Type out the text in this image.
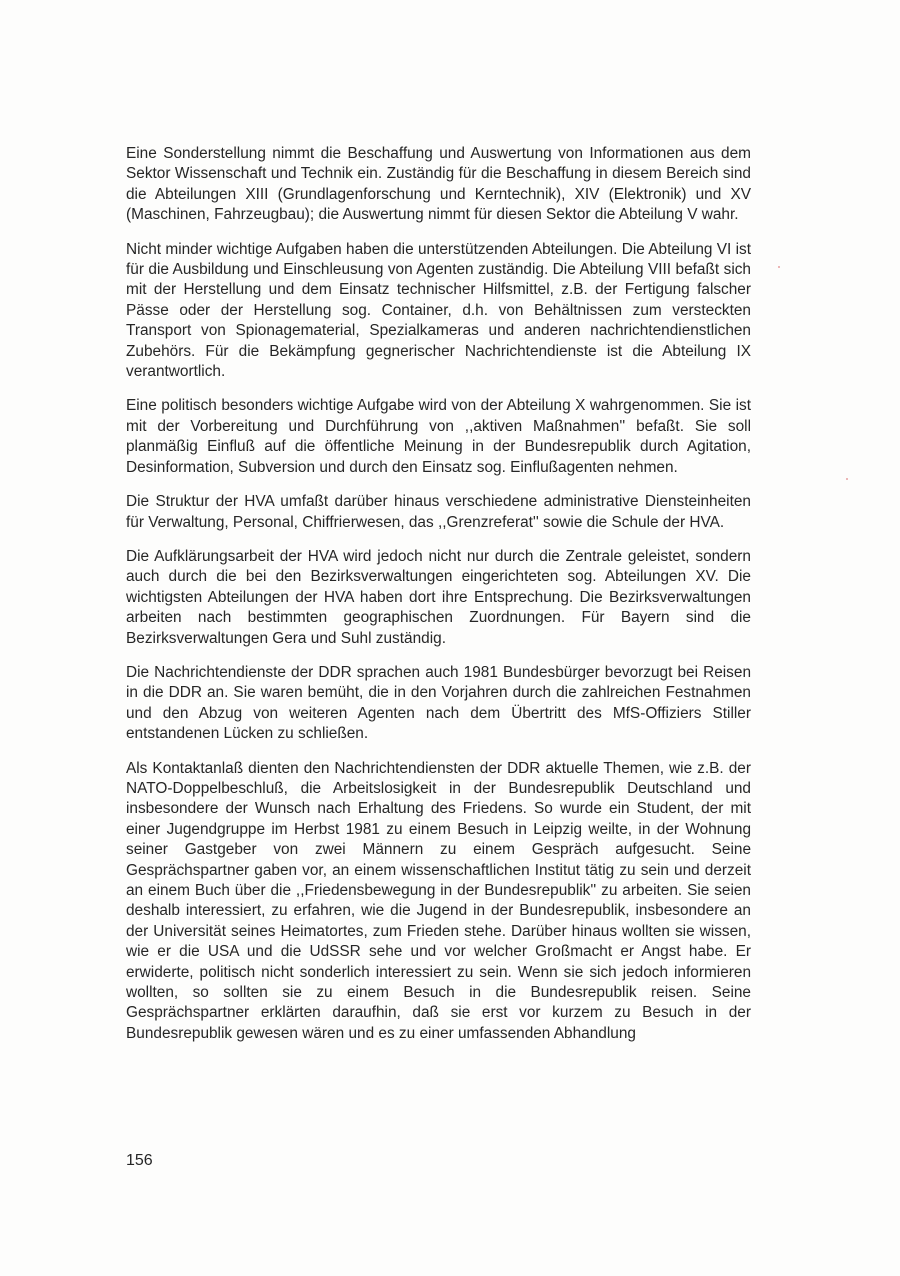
Eine Sonderstellung nimmt die Beschaffung und Auswertung von Informationen aus dem Sektor Wissenschaft und Technik ein. Zuständig für die Beschaffung in diesem Bereich sind die Abteilungen XIII (Grundlagenforschung und Kerntechnik), XIV (Elektronik) und XV (Maschinen, Fahrzeugbau); die Auswertung nimmt für diesen Sektor die Abteilung V wahr.

Nicht minder wichtige Aufgaben haben die unterstützenden Abteilungen. Die Abteilung VI ist für die Ausbildung und Einschleusung von Agenten zuständig. Die Abteilung VIII befaßt sich mit der Herstellung und dem Einsatz technischer Hilfsmittel, z.B. der Fertigung falscher Pässe oder der Herstellung sog. Container, d.h. von Behältnissen zum versteckten Transport von Spionagematerial, Spezialkameras und anderen nachrichtendienstlichen Zubehörs. Für die Bekämpfung gegnerischer Nachrichtendienste ist die Abteilung IX verantwortlich.

Eine politisch besonders wichtige Aufgabe wird von der Abteilung X wahrgenommen. Sie ist mit der Vorbereitung und Durchführung von ,,aktiven Maßnahmen'' befaßt. Sie soll planmäßig Einfluß auf die öffentliche Meinung in der Bundesrepublik durch Agitation, Desinformation, Subversion und durch den Einsatz sog. Einflußagenten nehmen.

Die Struktur der HVA umfaßt darüber hinaus verschiedene administrative Diensteinheiten für Verwaltung, Personal, Chiffrierwesen, das ,,Grenzreferat'' sowie die Schule der HVA.

Die Aufklärungsarbeit der HVA wird jedoch nicht nur durch die Zentrale geleistet, sondern auch durch die bei den Bezirksverwaltungen eingerichteten sog. Abteilungen XV. Die wichtigsten Abteilungen der HVA haben dort ihre Entsprechung. Die Bezirksverwaltungen arbeiten nach bestimmten geographischen Zuordnungen. Für Bayern sind die Bezirksverwaltungen Gera und Suhl zuständig.

Die Nachrichtendienste der DDR sprachen auch 1981 Bundesbürger bevorzugt bei Reisen in die DDR an. Sie waren bemüht, die in den Vorjahren durch die zahlreichen Festnahmen und den Abzug von weiteren Agenten nach dem Übertritt des MfS-Offiziers Stiller entstandenen Lücken zu schließen.

Als Kontaktanlaß dienten den Nachrichtendiensten der DDR aktuelle Themen, wie z.B. der NATO-Doppelbeschluß, die Arbeitslosigkeit in der Bundesrepublik Deutschland und insbesondere der Wunsch nach Erhaltung des Friedens. So wurde ein Student, der mit einer Jugendgruppe im Herbst 1981 zu einem Besuch in Leipzig weilte, in der Wohnung seiner Gastgeber von zwei Männern zu einem Gespräch aufgesucht. Seine Gesprächspartner gaben vor, an einem wissenschaftlichen Institut tätig zu sein und derzeit an einem Buch über die ,,Friedensbewegung in der Bundesrepublik'' zu arbeiten. Sie seien deshalb interessiert, zu erfahren, wie die Jugend in der Bundesrepublik, insbesondere an der Universität seines Heimatortes, zum Frieden stehe. Darüber hinaus wollten sie wissen, wie er die USA und die UdSSR sehe und vor welcher Großmacht er Angst habe. Er erwiderte, politisch nicht sonderlich interessiert zu sein. Wenn sie sich jedoch informieren wollten, so sollten sie zu einem Besuch in die Bundesrepublik reisen. Seine Gesprächspartner erklärten daraufhin, daß sie erst vor kurzem zu Besuch in der Bundesrepublik gewesen wären und es zu einer umfassenden Abhandlung

156
